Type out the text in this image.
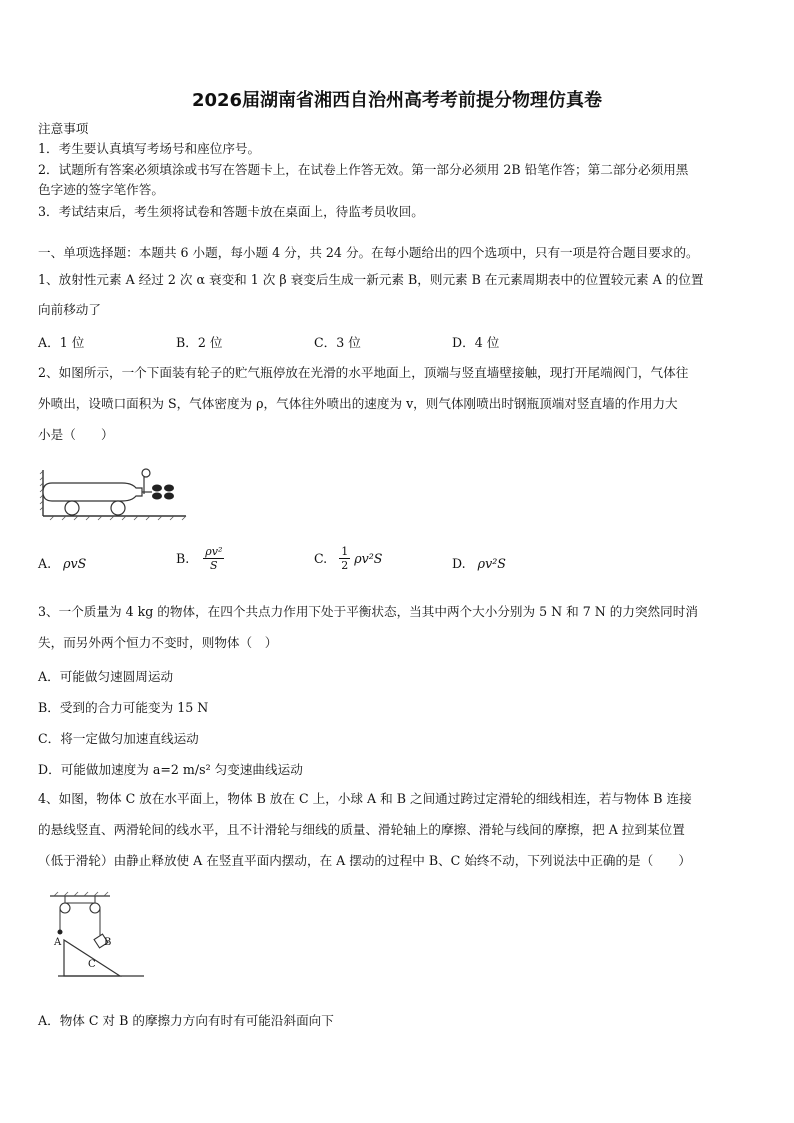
2026届湖南省湘西自治州高考考前提分物理仿真卷
注意事项
1．考生要认真填写考场号和座位序号。
2．试题所有答案必须填涂或书写在答题卡上，在试卷上作答无效。第一部分必须用 2B 铅笔作答；第二部分必须用黑
色字迹的签字笔作答。
3．考试结束后，考生须将试卷和答题卡放在桌面上，待监考员收回。
一、单项选择题：本题共 6 小题，每小题 4 分，共 24 分。在每小题给出的四个选项中，只有一项是符合题目要求的。
1、放射性元素 A 经过 2 次 α 衰变和 1 次 β 衰变后生成一新元素 B，则元素 B 在元素周期表中的位置较元素 A 的位置
向前移动了
A．1 位	B．2 位	C．3 位	D．4 位
2、如图所示，一个下面装有轮子的贮气瓶停放在光滑的水平地面上，顶端与竖直墙壁接触，现打开尾端阀门，气体往
外喷出，设喷口面积为 S，气体密度为 ρ，气体往外喷出的速度为 v，则气体刚喷出时钢瓶顶端对竖直墙的作用力大
小是（　　）
A. ρvS	B. $\frac{\text{ρv²}}{S}$	C. $\frac{1}{2} \rho v^2S$	D. ρv²S
3、一个质量为 4 kg 的物体，在四个共点力作用下处于平衡状态，当其中两个大小分别为 5 N 和 7 N 的力突然同时消
失，而另外两个恒力不变时，则物体（　）
A．可能做匀速圆周运动
B．受到的合力可能变为 15 N
C．将一定做匀加速直线运动
D．可能做加速度为 a=2 m/s² 匀变速曲线运动
4、如图，物体 C 放在水平面上，物体 B 放在 C 上，小球 A 和 B 之间通过跨过定滑轮的细线相连，若与物体 B 连接
的悬线竖直、两滑轮间的线水平，且不计滑轮与细线的质量、滑轮轴上的摩擦、滑轮与线间的摩擦，把 A 拉到某位置
（低于滑轮）由静止释放使 A 在竖直平面内摆动，在 A 摆动的过程中 B、C 始终不动，下列说法中正确的是（　　）
A	B
C
A．物体 C 对 B 的摩擦力方向有时有可能沿斜面向下
